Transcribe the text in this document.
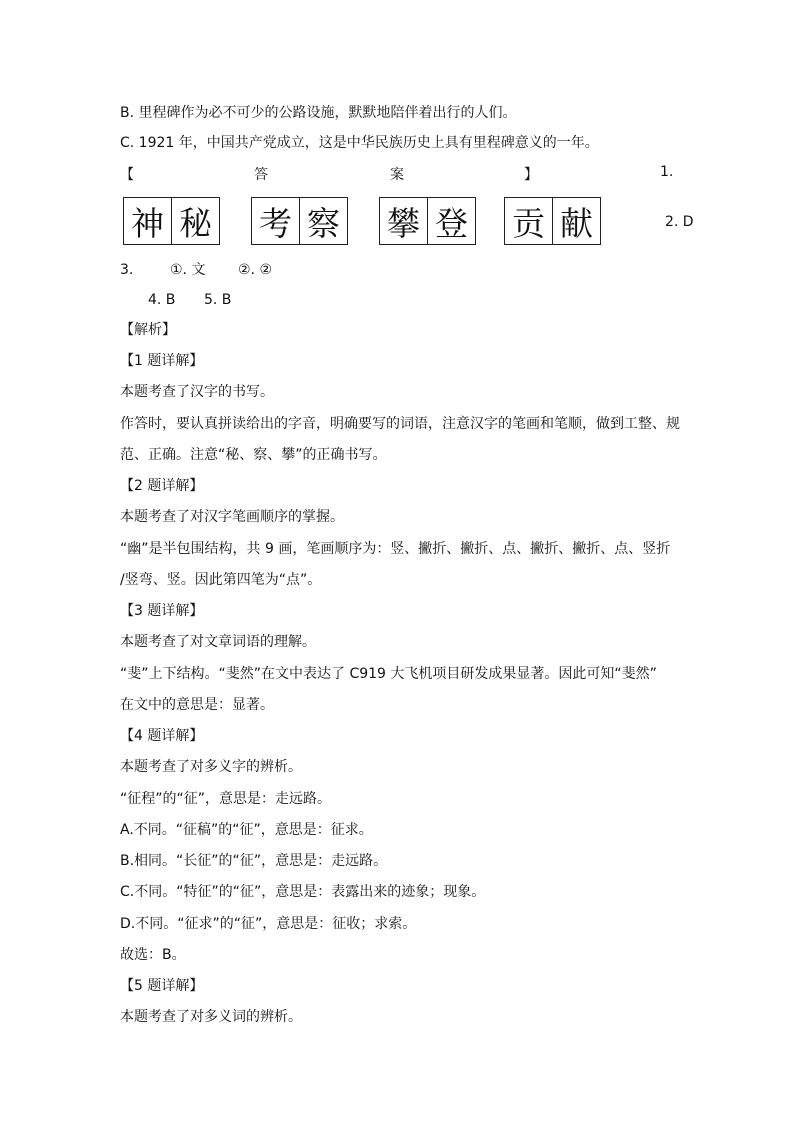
B. 里程碑作为必不可少的公路设施，默默地陪伴着出行的人们。
C. 1921 年，中国共产党成立，这是中华民族历史上具有里程碑意义的一年。
【	答	案	】	1.
神 秘 考 察 攀 登 贡 献	2. D
3.	①. 文 ②. ②
4. B 5. B
【解析】
【1 题详解】
本题考查了汉字的书写。
作答时，要认真拼读给出的字音，明确要写的词语，注意汉字的笔画和笔顺，做到工整、规
范、正确。注意“秘、察、攀”的正确书写。
【2 题详解】
本题考查了对汉字笔画顺序的掌握。
“幽”是半包围结构，共 9 画，笔画顺序为：竖、撇折、撇折、点、撇折、撇折、点、竖折
/竖弯、竖。因此第四笔为“点”。
【3 题详解】
本题考查了对文章词语的理解。
“斐”上下结构。“斐然”在文中表达了 C919 大飞机项目研发成果显著。因此可知“斐然”
在文中的意思是：显著。
【4 题详解】
本题考查了对多义字的辨析。
“征程”的“征”，意思是：走远路。
A.不同。“征稿”的“征”，意思是：征求。
B.相同。“长征”的“征”，意思是：走远路。
C.不同。“特征”的“征”，意思是：表露出来的迹象；现象。
D.不同。“征求”的“征”，意思是：征收；求索。
故选：B。
【5 题详解】
本题考查了对多义词的辨析。
